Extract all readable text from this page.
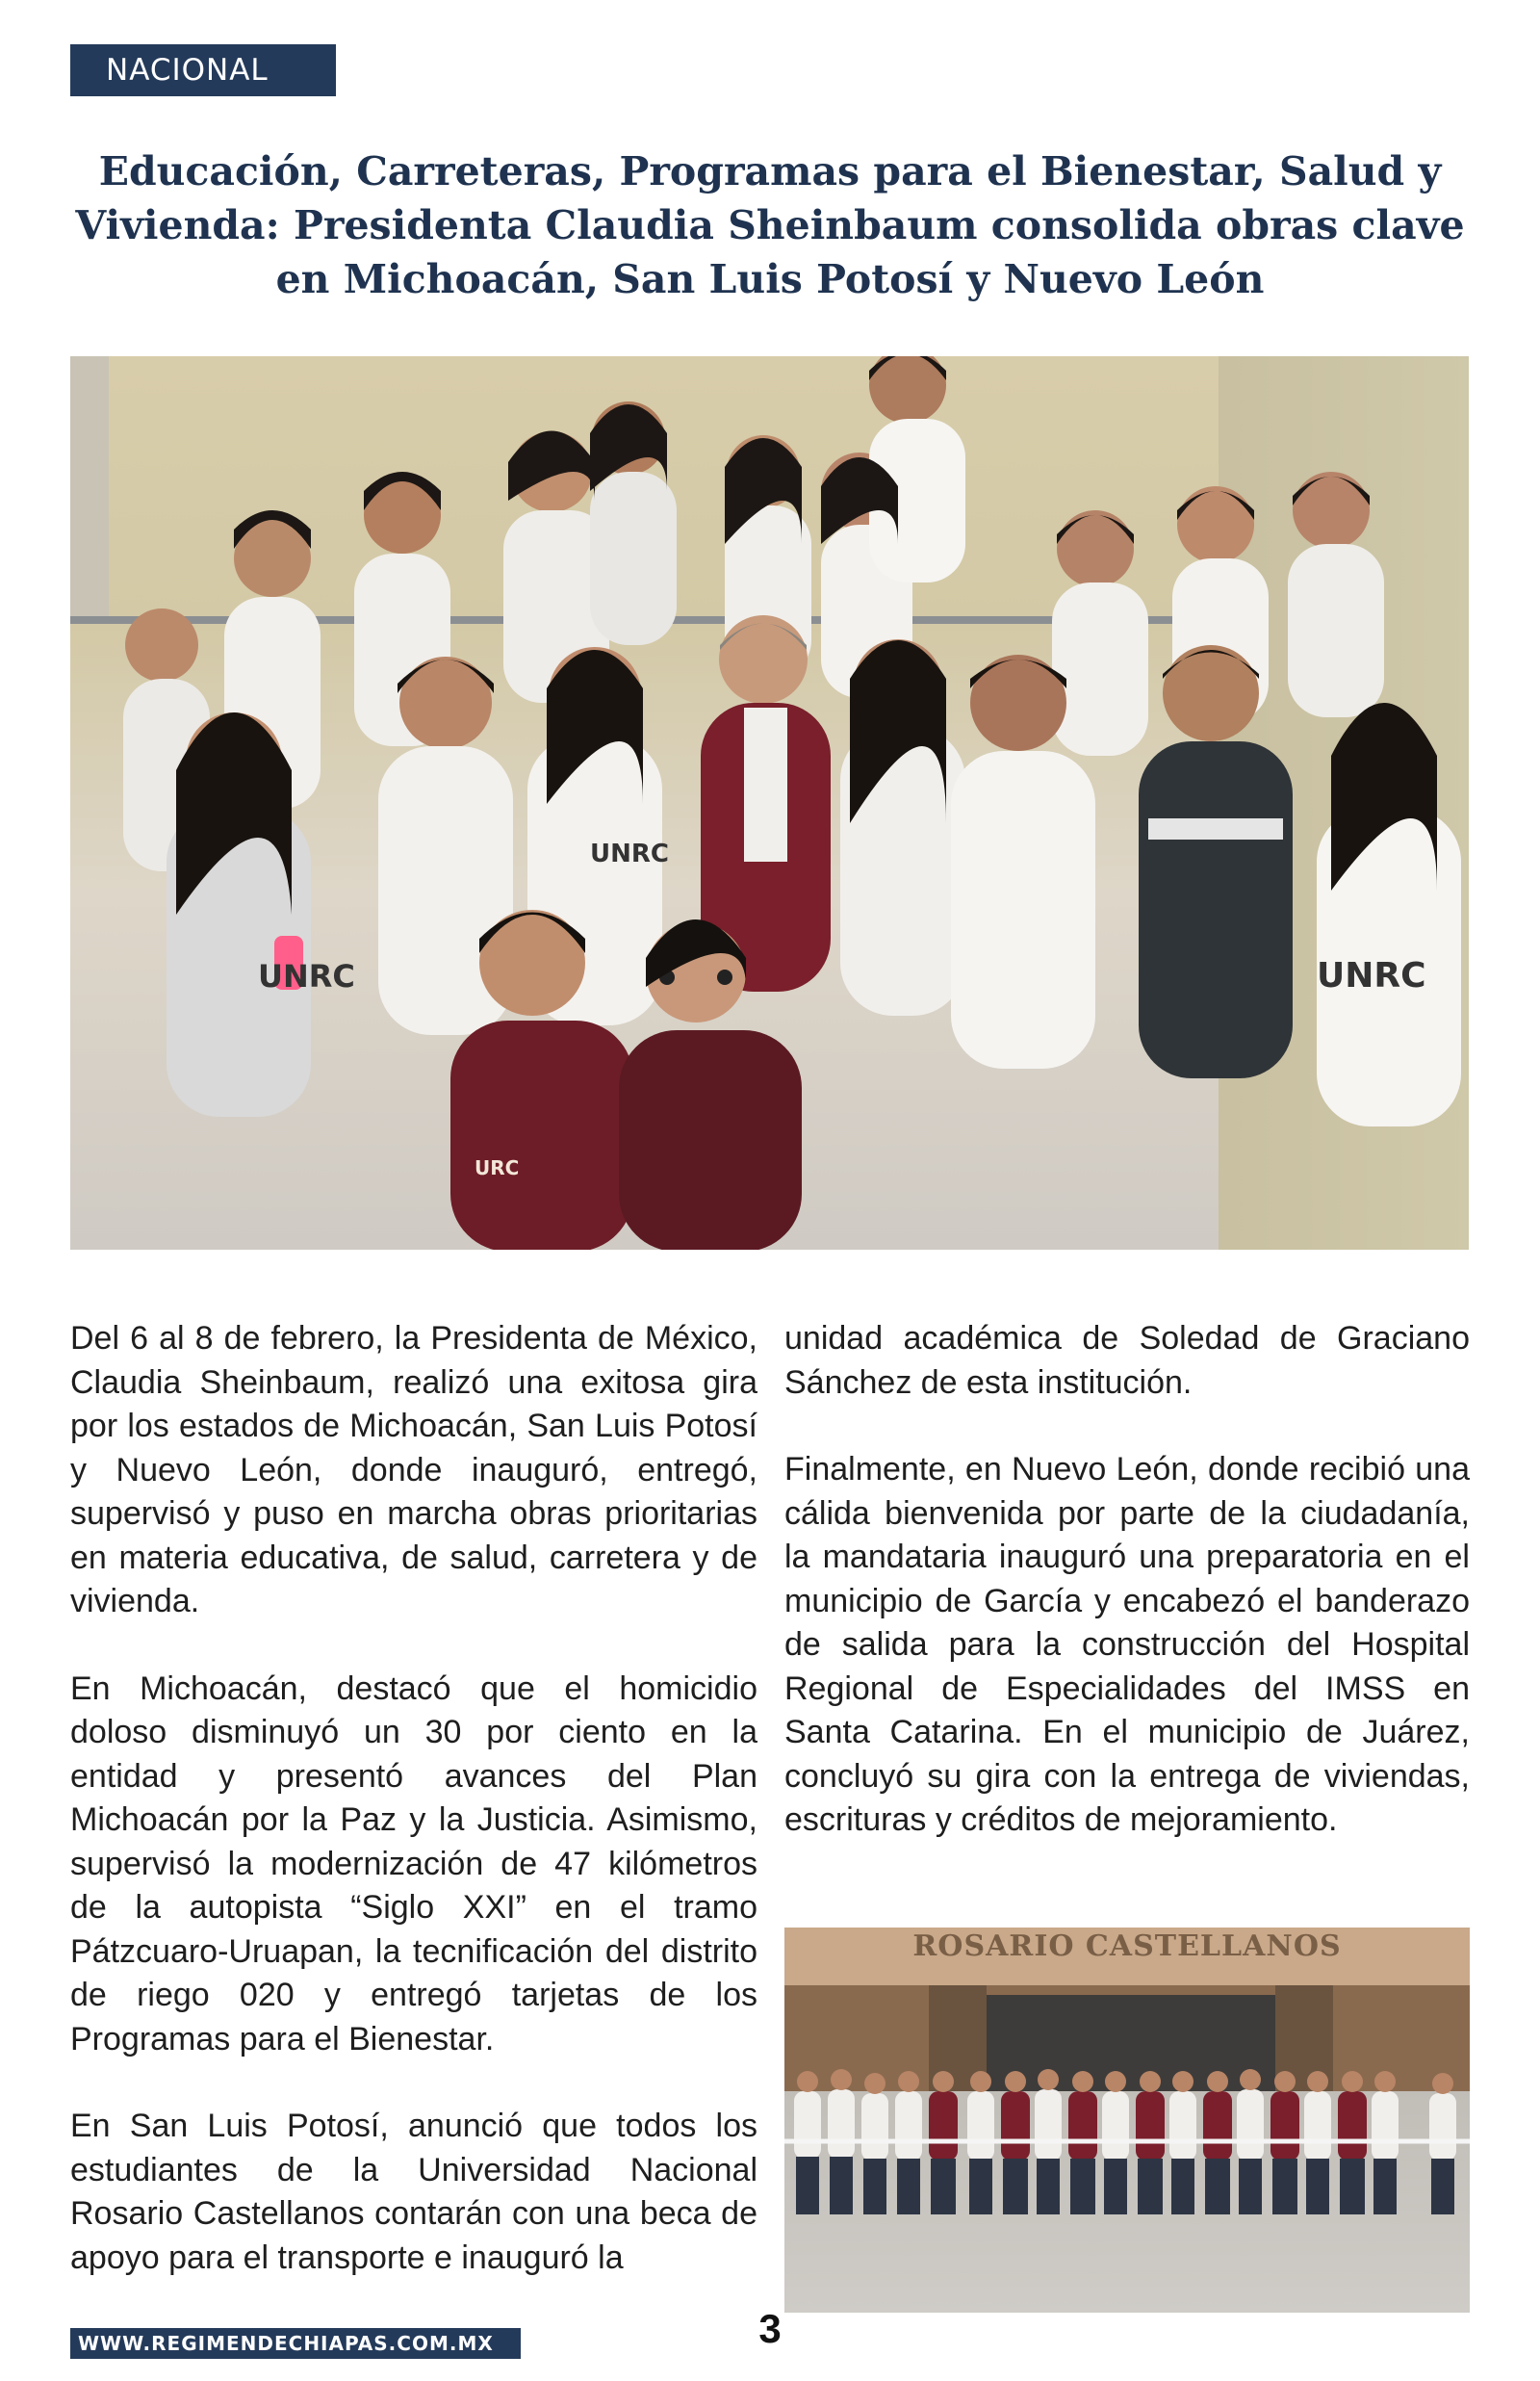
NACIONAL
Educación, Carreteras, Programas para el Bienestar, Salud y
Vivienda: Presidenta Claudia Sheinbaum consolida obras clave
en Michoacán, San Luis Potosí y Nuevo León
UNRC
UNRC
UNRC
URC

Del 6 al 8 de febrero, la Presidenta de México, Claudia Sheinbaum, realizó una exitosa gira por los estados de Michoacán, San Luis Potosí y Nuevo León, donde inauguró, entregó, supervisó y puso en marcha obras prioritarias en materia educativa, de salud, carretera y de vivienda.

En Michoacán, destacó que el homicidio doloso disminuyó un 30 por ciento en la entidad y presentó avances del Plan Michoacán por la Paz y la Justicia. Asimismo, supervisó la modernización de 47 kilómetros de la autopista “Siglo XXI” en el tramo Pátzcuaro-Uruapan, la tecnificación del distrito de riego 020 y entregó tarjetas de los Programas para el Bienestar.

En San Luis Potosí, anunció que todos los estudiantes de la Universidad Nacional Rosario Castellanos contarán con una beca de apoyo para el transporte e inauguró la

unidad académica de Soledad de Graciano Sánchez de esta institución.

Finalmente, en Nuevo León, donde recibió una cálida bienvenida por parte de la ciudadanía, la mandataria inauguró una preparatoria en el municipio de García y encabezó el banderazo de salida para la construcción del Hospital Regional de Especialidades del IMSS en Santa Catarina. En el municipio de Juárez, concluyó su gira con la entrega de viviendas, escrituras y créditos de mejoramiento.

ROSARIO CASTELLANOS
WWW.REGIMENDECHIAPAS.COM.MX	3
